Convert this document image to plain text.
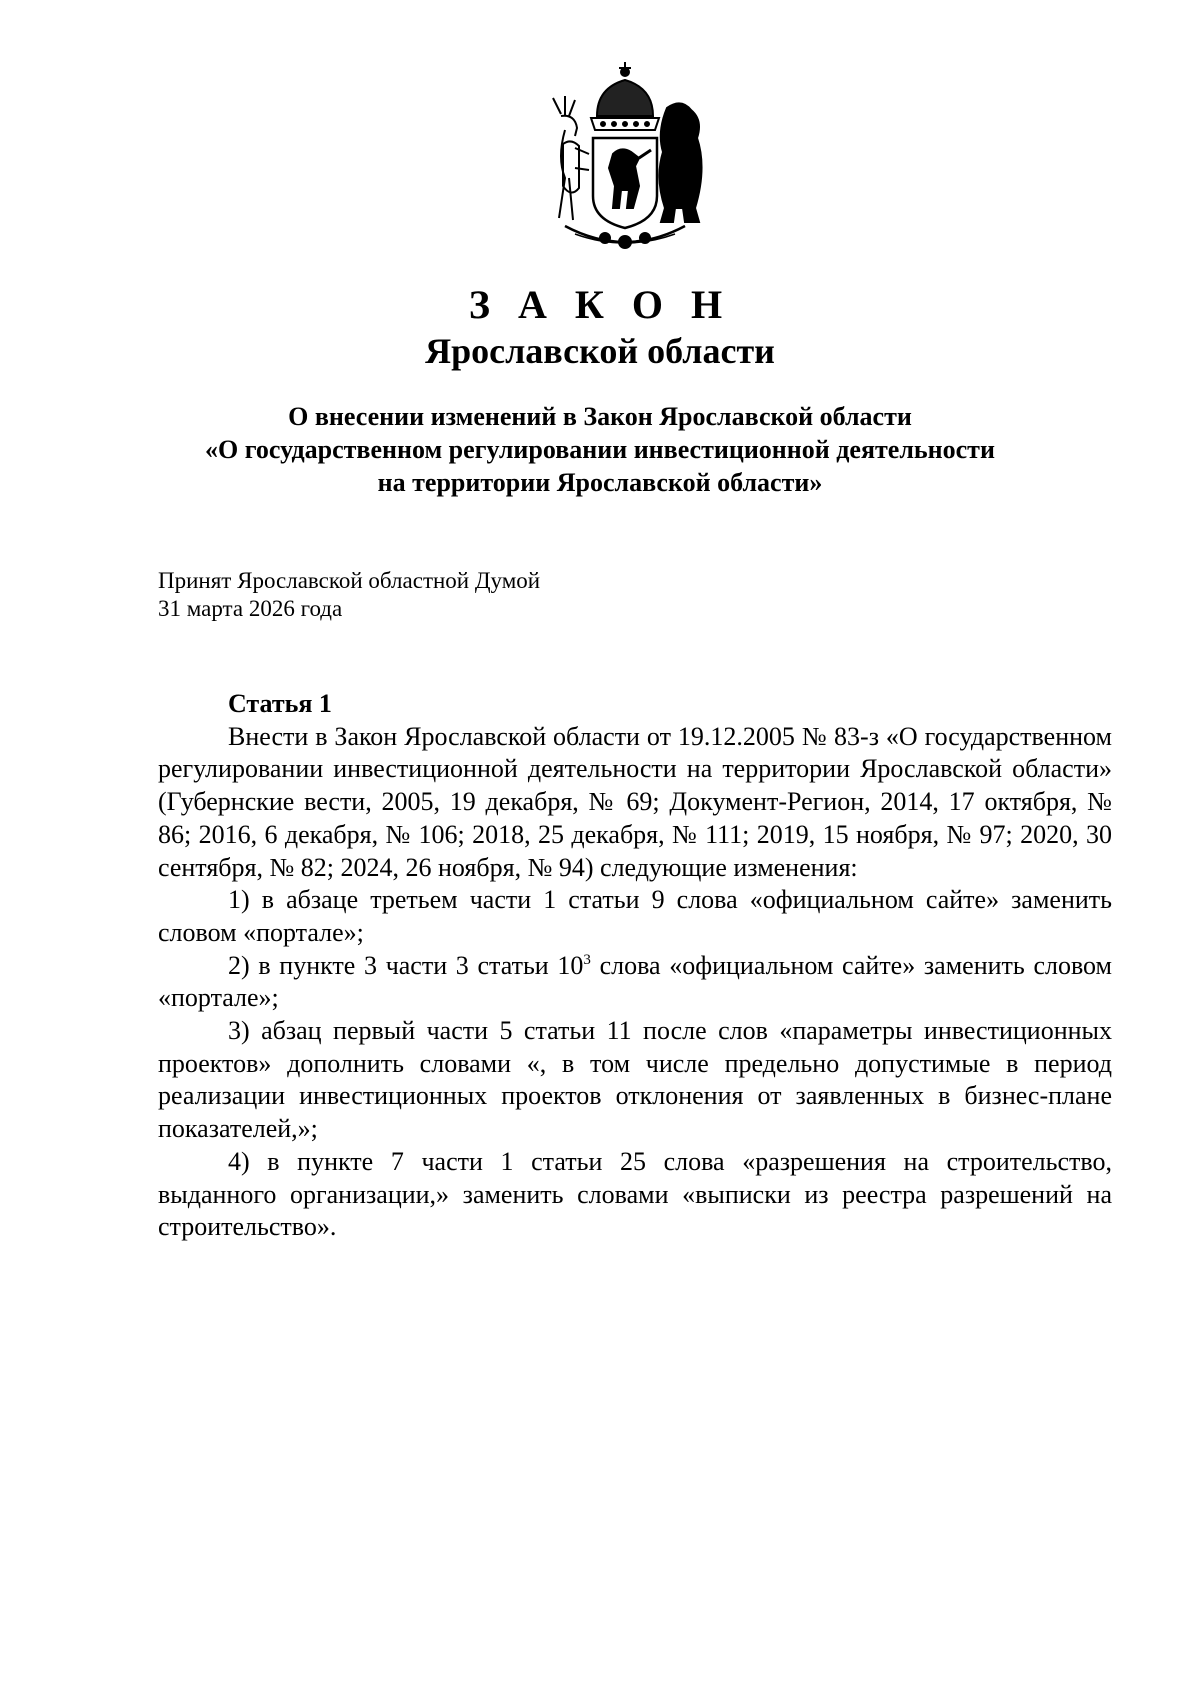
З А К О Н
Ярославской области
О внесении изменений в Закон Ярославской области
«О государственном регулировании инвестиционной деятельности
на территории Ярославской области»
Принят Ярославской областной Думой
31 марта 2026 года
Статья 1

Внести в Закон Ярославской области от 19.12.2005 № 83-з «О государственном регулировании инвестиционной деятельности на территории Ярославской области» (Губернские вести, 2005, 19 декабря, № 69; Документ-Регион, 2014, 17 октября, № 86; 2016, 6 декабря, № 106; 2018, 25 декабря, № 111; 2019, 15 ноября, № 97; 2020, 30 сентября, № 82; 2024, 26 ноября, № 94) следующие изменения:

1) в абзаце третьем части 1 статьи 9 слова «официальном сайте» заменить словом «портале»;

2) в пункте 3 части 3 статьи $10^3$ слова «официальном сайте» заменить словом «портале»;

3) абзац первый части 5 статьи 11 после слов «параметры инвестиционных проектов» дополнить словами «, в том числе предельно допустимые в период реализации инвестиционных проектов отклонения от заявленных в бизнес-плане показателей,»;

4) в пункте 7 части 1 статьи 25 слова «разрешения на строительство, выданного организации,» заменить словами «выписки из реестра разрешений на строительство».
